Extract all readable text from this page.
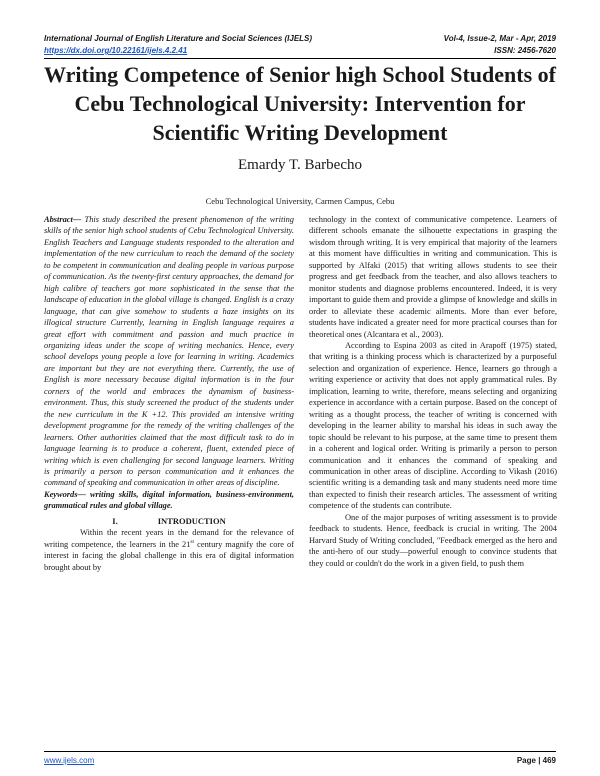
International Journal of English Literature and Social Sciences (IJELS)	Vol-4, Issue-2, Mar - Apr, 2019
https://dx.doi.org/10.22161/ijels.4.2.41	ISSN: 2456-7620
Writing Competence of Senior high School Students of Cebu Technological University: Intervention for Scientific Writing Development
Emardy T. Barbecho
Cebu Technological University, Carmen Campus, Cebu

Abstract— This study described the present phenomenon of the writing skills of the senior high school students of Cebu Technological University. English Teachers and Language students responded to the alteration and implementation of the new curriculum to reach the demand of the society to be competent in communication and dealing people in various purpose of communication. As the twenty-first century approaches, the demand for high calibre of teachers got more sophisticated in the sense that the landscape of education in the global village is changed. English is a crazy language, that can give somehow to students a haze insights on its illogical structure Currently, learning in English language requires a great effort with commitment and passion and much practice in organizing ideas under the scope of writing mechanics. Hence, every school develops young people a love for learning in writing. Academics are important but they are not everything there. Currently, the use of English is more necessary because digital information is in the four corners of the world and embraces the dynamism of business-environment. Thus, this study screened the product of the students under the new curriculum in the K +12. This provided an intensive writing development programme for the remedy of the writing challenges of the learners. Other authorities claimed that the most difficult task to do in language learning is to produce a coherent, fluent, extended piece of writing which is even challenging for second language learners. Writing is primarily a person to person communication and it enhances the command of speaking and communication in other areas of discipline.

Keywords— writing skills, digital information, business-environment, grammatical rules and global village.

I.	INTRODUCTION

Within the recent years in the demand for the relevance of writing competence, the learners in the 21st century magnify the core of interest in facing the global challenge in this era of digital information brought about by

technology in the context of communicative competence. Learners of different schools emanate the silhouette expectations in grasping the wisdom through writing. It is very empirical that majority of the learners at this moment have difficulties in writing and communication. This is supported by Alfaki (2015) that writing allows students to see their progress and get feedback from the teacher, and also allows teachers to monitor students and diagnose problems encountered. Indeed, it is very important to guide them and provide a glimpse of knowledge and skills in order to alleviate these academic ailments. More than ever before, students have indicated a greater need for more practical courses than for theoretical ones (Alcantara et al., 2003).

According to Espina 2003 as cited in Arapoff (1975) stated, that writing is a thinking process which is characterized by a purposeful selection and organization of experience. Hence, learners go through a writing experience or activity that does not apply grammatical rules. By implication, learning to write, therefore, means selecting and organizing experience in accordance with a certain purpose. Based on the concept of writing as a thought process, the teacher of writing is concerned with developing in the learner ability to marshal his ideas in such away the topic should be relevant to his purpose, at the same time to present them in a coherent and logical order. Writing is primarily a person to person communication and it enhances the command of speaking and communication in other areas of discipline. According to Vikash (2016) scientific writing is a demanding task and many students need more time than expected to finish their research articles. The assessment of writing competence of the students can contribute.

One of the major purposes of writing assessment is to provide feedback to students. Hence, feedback is crucial in writing. The 2004 Harvard Study of Writing concluded, "Feedback emerged as the hero and the anti-hero of our study—powerful enough to convince students that they could or couldn't do the work in a given field, to push them

www.ijels.com	Page | 469
